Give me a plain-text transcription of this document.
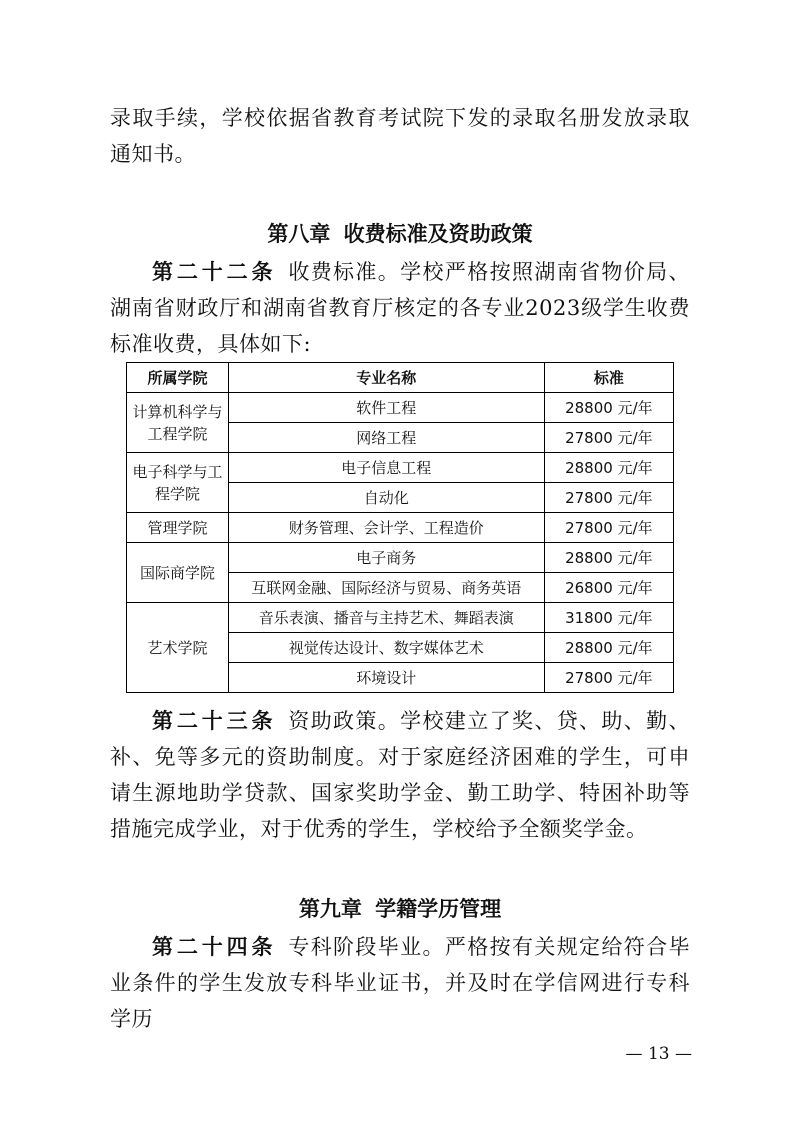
录取手续，学校依据省教育考试院下发的录取名册发放录取通知书。

第八章 收费标准及资助政策

第二十二条 收费标准。学校严格按照湖南省物价局、湖南省财政厅和湖南省教育厅核定的各专业2023级学生收费标准收费，具体如下:

所属学院	专业名称	标准
计算机科学与工程学院	软件工程	28800 元/年
	网络工程	27800 元/年
电子科学与工程学院	电子信息工程	28800 元/年
	自动化	27800 元/年
管理学院	财务管理、会计学、工程造价	27800 元/年
国际商学院	电子商务	28800 元/年
	互联网金融、国际经济与贸易、商务英语	26800 元/年
艺术学院	音乐表演、播音与主持艺术、舞蹈表演	31800 元/年
	视觉传达设计、数字媒体艺术	28800 元/年
	环境设计	27800 元/年

第二十三条 资助政策。学校建立了奖、贷、助、勤、补、免等多元的资助制度。对于家庭经济困难的学生，可申请生源地助学贷款、国家奖助学金、勤工助学、特困补助等措施完成学业，对于优秀的学生，学校给予全额奖学金。

第九章 学籍学历管理

第二十四条 专科阶段毕业。严格按有关规定给符合毕业条件的学生发放专科毕业证书，并及时在学信网进行专科学历

— 13 —
